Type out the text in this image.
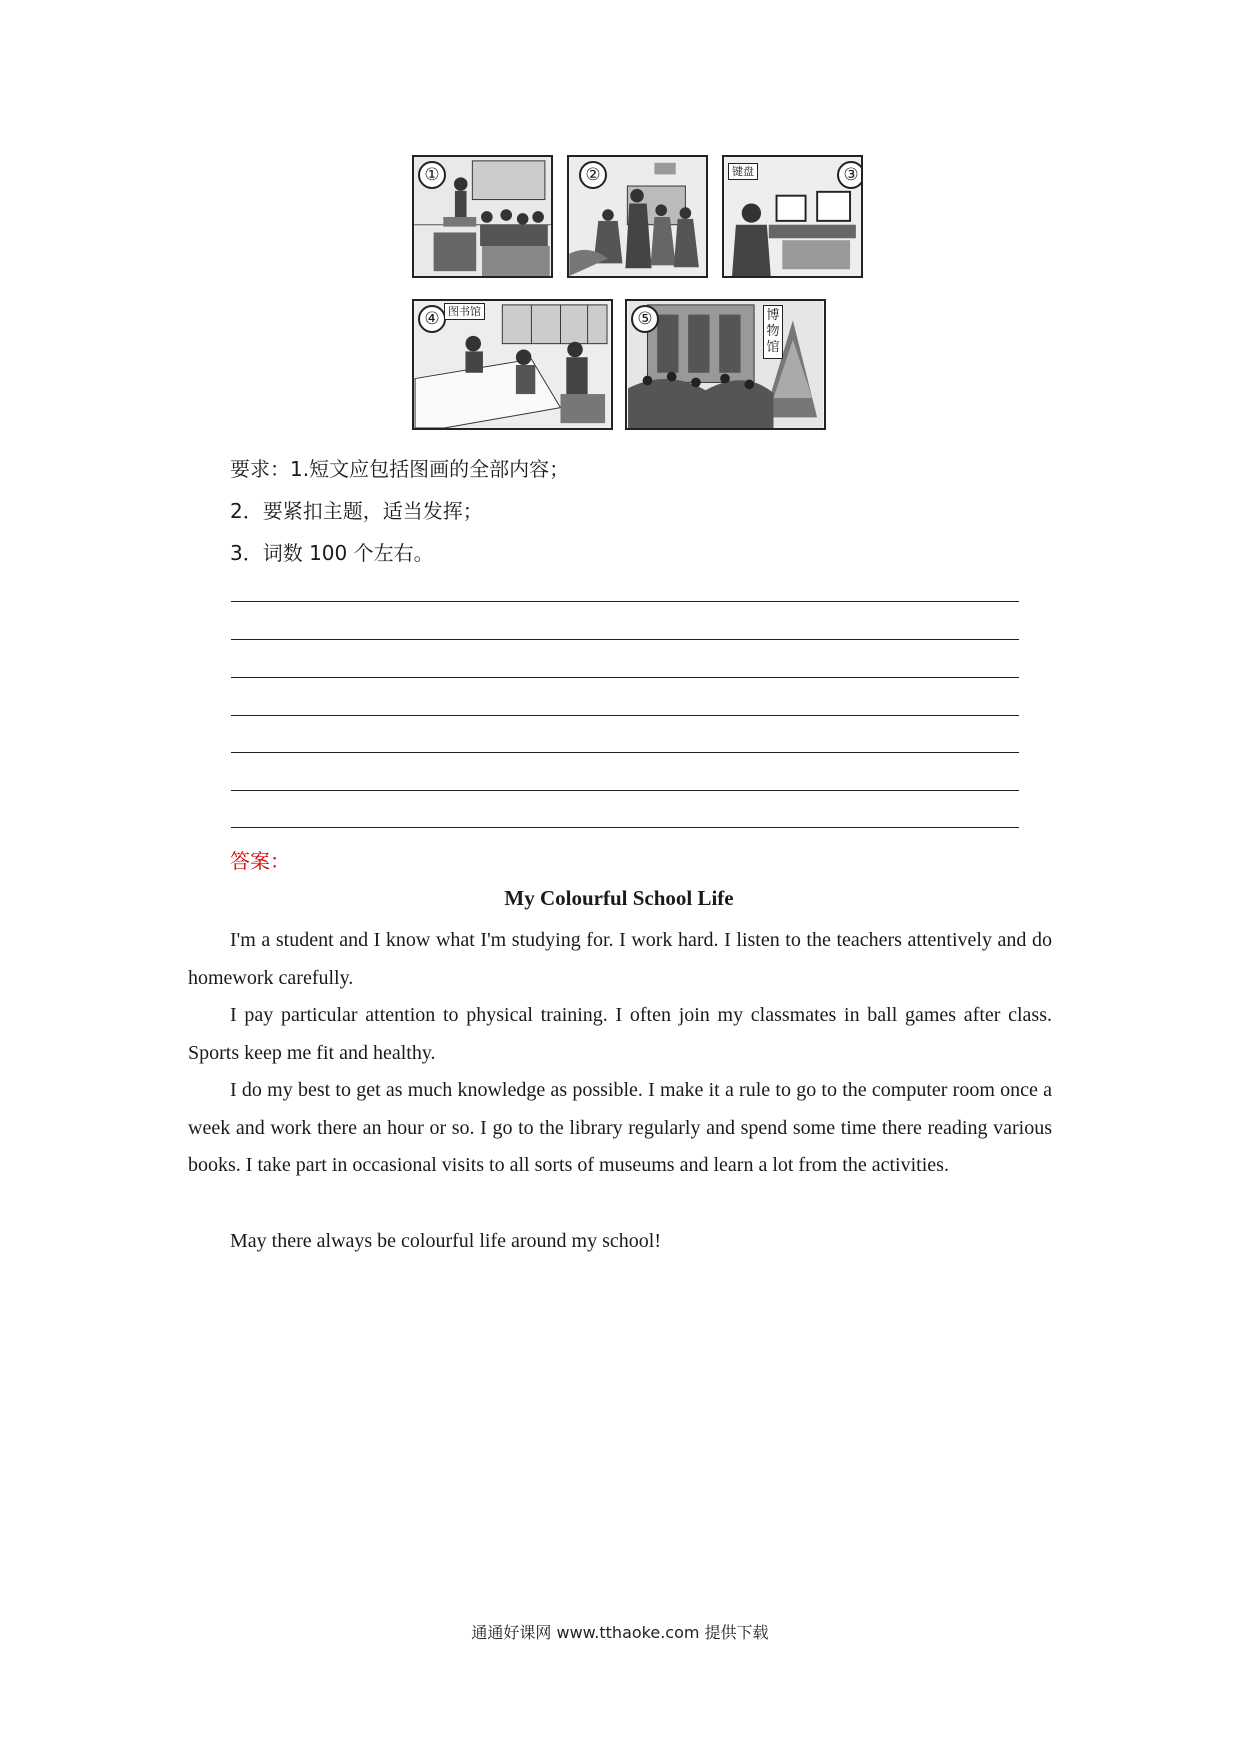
①	②	③
键盘
④ 图书馆	⑤	博物馆
要求：1.短文应包括图画的全部内容；
2．要紧扣主题，适当发挥；
3．词数 100 个左右。
答案：
My Colourful School Life

I'm a student and I know what I'm studying for. I work hard. I listen to the teachers attentively and do homework carefully.

I pay particular attention to physical training. I often join my classmates in ball games after class. Sports keep me fit and healthy.

I do my best to get as much knowledge as possible. I make it a rule to go to the computer room once a week and work there an hour or so. I go to the library regularly and spend some time there reading various books. I take part in occasional visits to all sorts of museums and learn a lot from the activities.

May there always be colourful life around my school!

通通好课网 www.tthaoke.com 提供下载
